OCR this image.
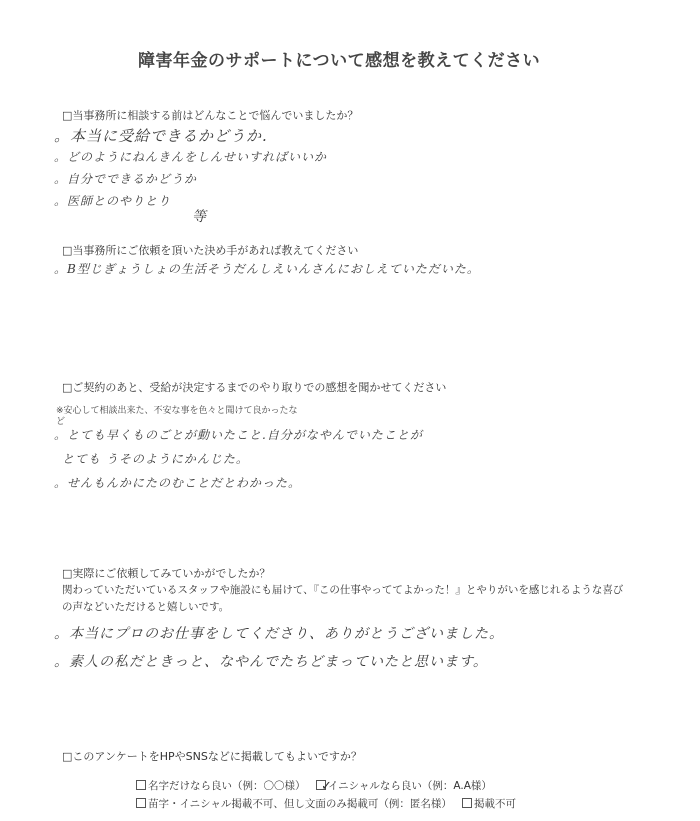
障害年金のサポートについて感想を教えてください
□当事務所に相談する前はどんなことで悩んでいましたか？
。本当に受給できるかどうか.
。どのようにねんきんをしんせいすればいいか
。自分でできるかどうか
。医師とのやりとり
等
□当事務所にご依頼を頂いた決め手があれば教えてください
。B型じぎょうしょの生活そうだんしえいんさんにおしえていただいた。
□ご契約のあと、受給が決定するまでのやり取りでの感想を聞かせてください
※安心して相談出来た、不安な事を色々と聞けて良かったな
ど
。とても早くものごとが動いたこと.自分がなやんでいたことが
とても うそのようにかんじた。
。せんもんかにたのむことだとわかった。
□実際にご依頼してみていかがでしたか？
関わっていただいているスタッフや施設にも届けて、『この仕事やっててよかった！』とやりがいを感じれるような喜び
の声などいただけると嬉しいです。
。本当にプロのお仕事をしてくださり、ありがとうございました。
。素人の私だときっと、なやんでたちどまっていたと思います。
□このアンケートをHPやSNSなどに掲載してもよいですか？
名字だけなら良い（例：〇〇様）	イニシャルなら良い（例：A.A様）
✓
苗字・イニシャル掲載不可、但し文面のみ掲載可（例：匿名様）	掲載不可
